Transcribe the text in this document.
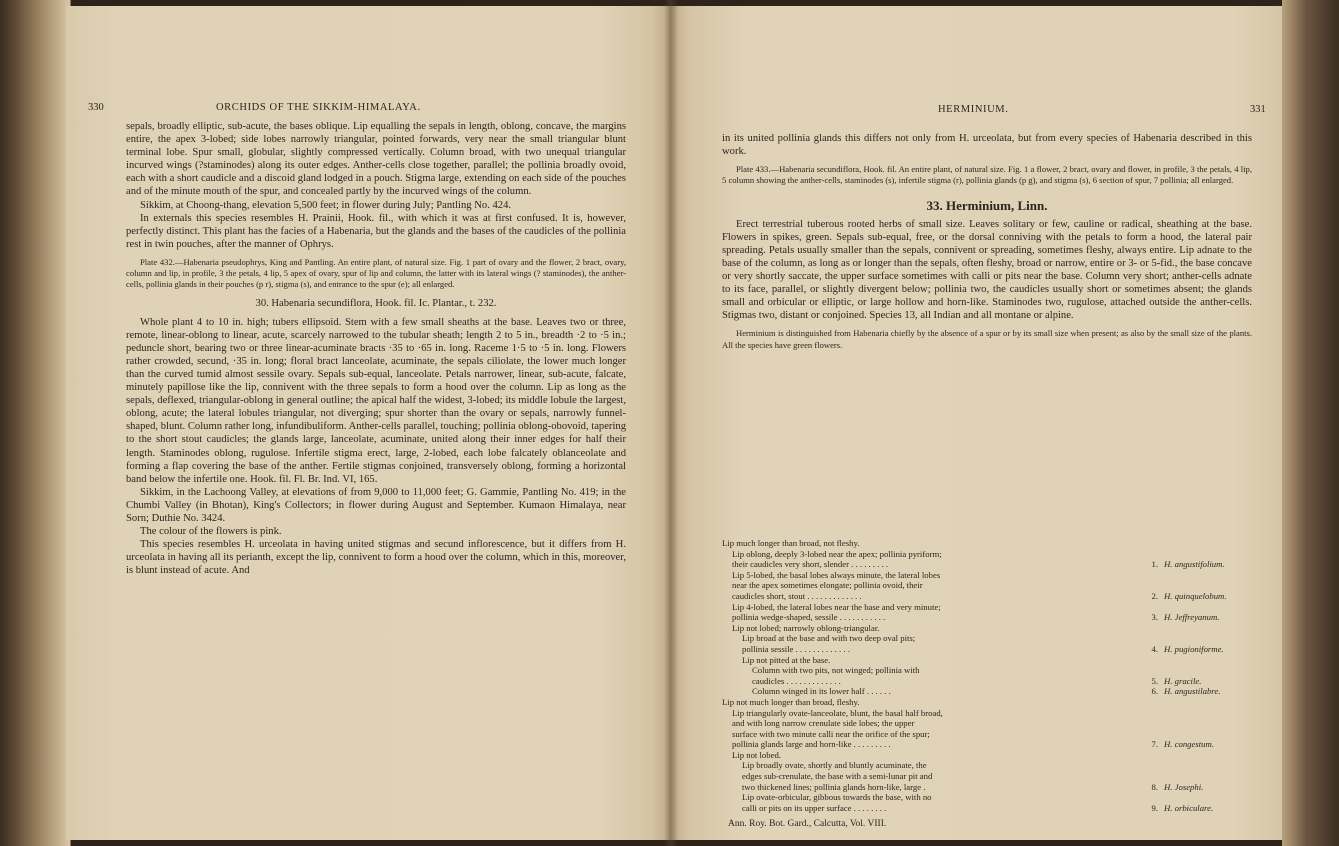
330	ORCHIDS OF THE SIKKIM-HIMALAYA.

sepals, broadly elliptic, sub-acute, the bases oblique. Lip equalling the sepals in length, oblong, concave, the margins entire, the apex 3-lobed; side lobes narrowly triangular, pointed forwards, very near the small triangular blunt terminal lobe. Spur small, globular, slightly compressed vertically. Column broad, with two unequal triangular incurved wings (?staminodes) along its outer edges. Anther-cells close together, parallel; the pollinia broadly ovoid, each with a short caudicle and a discoid gland lodged in a pouch. Stigma large, extending on each side of the pouches and of the minute mouth of the spur, and concealed partly by the incurved wings of the column.

Sikkim, at Choong-thang, elevation 5,500 feet; in flower during July; Pantling No. 424.

In externals this species resembles H. Prainii, Hook. fil., with which it was at first confused. It is, however, perfectly distinct. This plant has the facies of a Habenaria, but the glands and the bases of the caudicles of the pollinia rest in twin pouches, after the manner of Ophrys.

Plate 432.—Habenaria pseudophrys, King and Pantling. An entire plant, of natural size. Fig. 1 part of ovary and the flower, 2 bract, ovary, column and lip, in profile, 3 the petals, 4 lip, 5 apex of ovary, spur of lip and column, the latter with its lateral wings (? staminodes), the anther-cells, pollinia glands in their pouches (p r), stigma (s), and entrance to the spur (e); all enlarged.

30. Habenaria secundiflora, Hook. fil. Ic. Plantar., t. 232.

Whole plant 4 to 10 in. high; tubers ellipsoid. Stem with a few small sheaths at the base. Leaves two or three, remote, linear-oblong to linear, acute, scarcely narrowed to the tubular sheath; length 2 to 5 in., breadth ·2 to ·5 in.; peduncle short, bearing two or three linear-acuminate bracts ·35 to ·65 in. long. Raceme 1·5 to ·5 in. long. Flowers rather crowded, secund, ·35 in. long; floral bract lanceolate, acuminate, the sepals ciliolate, the lower much longer than the curved tumid almost sessile ovary. Sepals sub-equal, lanceolate. Petals narrower, linear, sub-acute, falcate, minutely papillose like the lip, connivent with the three sepals to form a hood over the column. Lip as long as the sepals, deflexed, triangular-oblong in general outline; the apical half the widest, 3-lobed; its middle lobule the largest, oblong, acute; the lateral lobules triangular, not diverging; spur shorter than the ovary or sepals, narrowly funnel-shaped, blunt. Column rather long, infundibuliform. Anther-cells parallel, touching; pollinia oblong-obovoid, tapering to the short stout caudicles; the glands large, lanceolate, acuminate, united along their inner edges for half their length. Staminodes oblong, rugulose. Infertile stigma erect, large, 2-lobed, each lobe falcately oblanceolate and forming a flap covering the base of the anther. Fertile stigmas conjoined, transversely oblong, forming a horizontal band below the infertile one. Hook. fil. Fl. Br. Ind. VI, 165.

Sikkim, in the Lachoong Valley, at elevations of from 9,000 to 11,000 feet; G. Gammie, Pantling No. 419; in the Chumbi Valley (in Bhotan), King's Collectors; in flower during August and September. Kumaon Himalaya, near Sorn; Duthie No. 3424.

The colour of the flowers is pink.

This species resembles H. urceolata in having united stigmas and secund inflorescence, but it differs from H. urceolata in having all its perianth, except the lip, connivent to form a hood over the column, which in this, moreover, is blunt instead of acute. And

HERMINIUM.	331

in its united pollinia glands this differs not only from H. urceolata, but from every species of Habenaria described in this work.

Plate 433.—Habenaria secundiflora, Hook. fil. An entire plant, of natural size. Fig. 1 a flower, 2 bract, ovary and flower, in profile, 3 the petals, 4 lip, 5 column showing the anther-cells, staminodes (s), infertile stigma (r), pollinia glands (p g), and stigma (s), 6 section of spur, 7 pollinia; all enlarged.

33. Herminium, Linn.

Erect terrestrial tuberous rooted herbs of small size. Leaves solitary or few, cauline or radical, sheathing at the base. Flowers in spikes, green. Sepals sub-equal, free, or the dorsal conniving with the petals to form a hood, the lateral pair spreading. Petals usually smaller than the sepals, connivent or spreading, sometimes fleshy, always entire. Lip adnate to the base of the column, as long as or longer than the sepals, often fleshy, broad or narrow, entire or 3- or 5-fid., the base concave or very shortly saccate, the upper surface sometimes with calli or pits near the base. Column very short; anther-cells adnate to its face, parallel, or slightly divergent below; pollinia two, the caudicles usually short or sometimes absent; the glands small and orbicular or elliptic, or large hollow and horn-like. Staminodes two, rugulose, attached outside the anther-cells. Stigmas two, distant or conjoined. Species 13, all Indian and all montane or alpine.

Herminium is distinguished from Habenaria chiefly by the absence of a spur or by its small size when present; as also by the small size of the plants. All the species have green flowers.

Lip much longer than broad, not fleshy.
Lip oblong, deeply 3-lobed near the apex; pollinia pyriform;
their caudicles very short, slender . . . . . . . . .	1. H. angustifolium.
Lip 5-lobed, the basal lobes always minute, the lateral lobes
near the apex sometimes elongate; pollinia ovoid, their
caudicles short, stout . . . . . . . . . . . . .	2. H. quinquelobum.
Lip 4-lobed, the lateral lobes near the base and very minute;
pollinia wedge-shaped, sessile . . . . . . . . . . .	3. H. Jeffreyanum.
Lip not lobed; narrowly oblong-triangular.
Lip broad at the base and with two deep oval pits;
pollinia sessile . . . . . . . . . . . . .	4. H. pugioniforme.
Lip not pitted at the base.
Column with two pits, not winged; pollinia with
caudicles . . . . . . . . . . . . .	5. H. gracile.
Column winged in its lower half . . . . . .	6. H. angustilabre.
Lip not much longer than broad, fleshy.
Lip triangularly ovate-lanceolate, blunt, the basal half broad,
and with long narrow crenulate side lobes; the upper
surface with two minute calli near the orifice of the spur;
pollinia glands large and horn-like . . . . . . . . .	7. H. congestum.
Lip not lobed.
Lip broadly ovate, shortly and bluntly acuminate, the
edges sub-crenulate, the base with a semi-lunar pit and
two thickened lines; pollinia glands horn-like, large .	8. H. Josephi.
Lip ovate-orbicular, gibbous towards the base, with no
calli or pits on its upper surface . . . . . . . .	9. H. orbiculare.
Ann. Roy. Bot. Gard., Calcutta, Vol. VIII.
